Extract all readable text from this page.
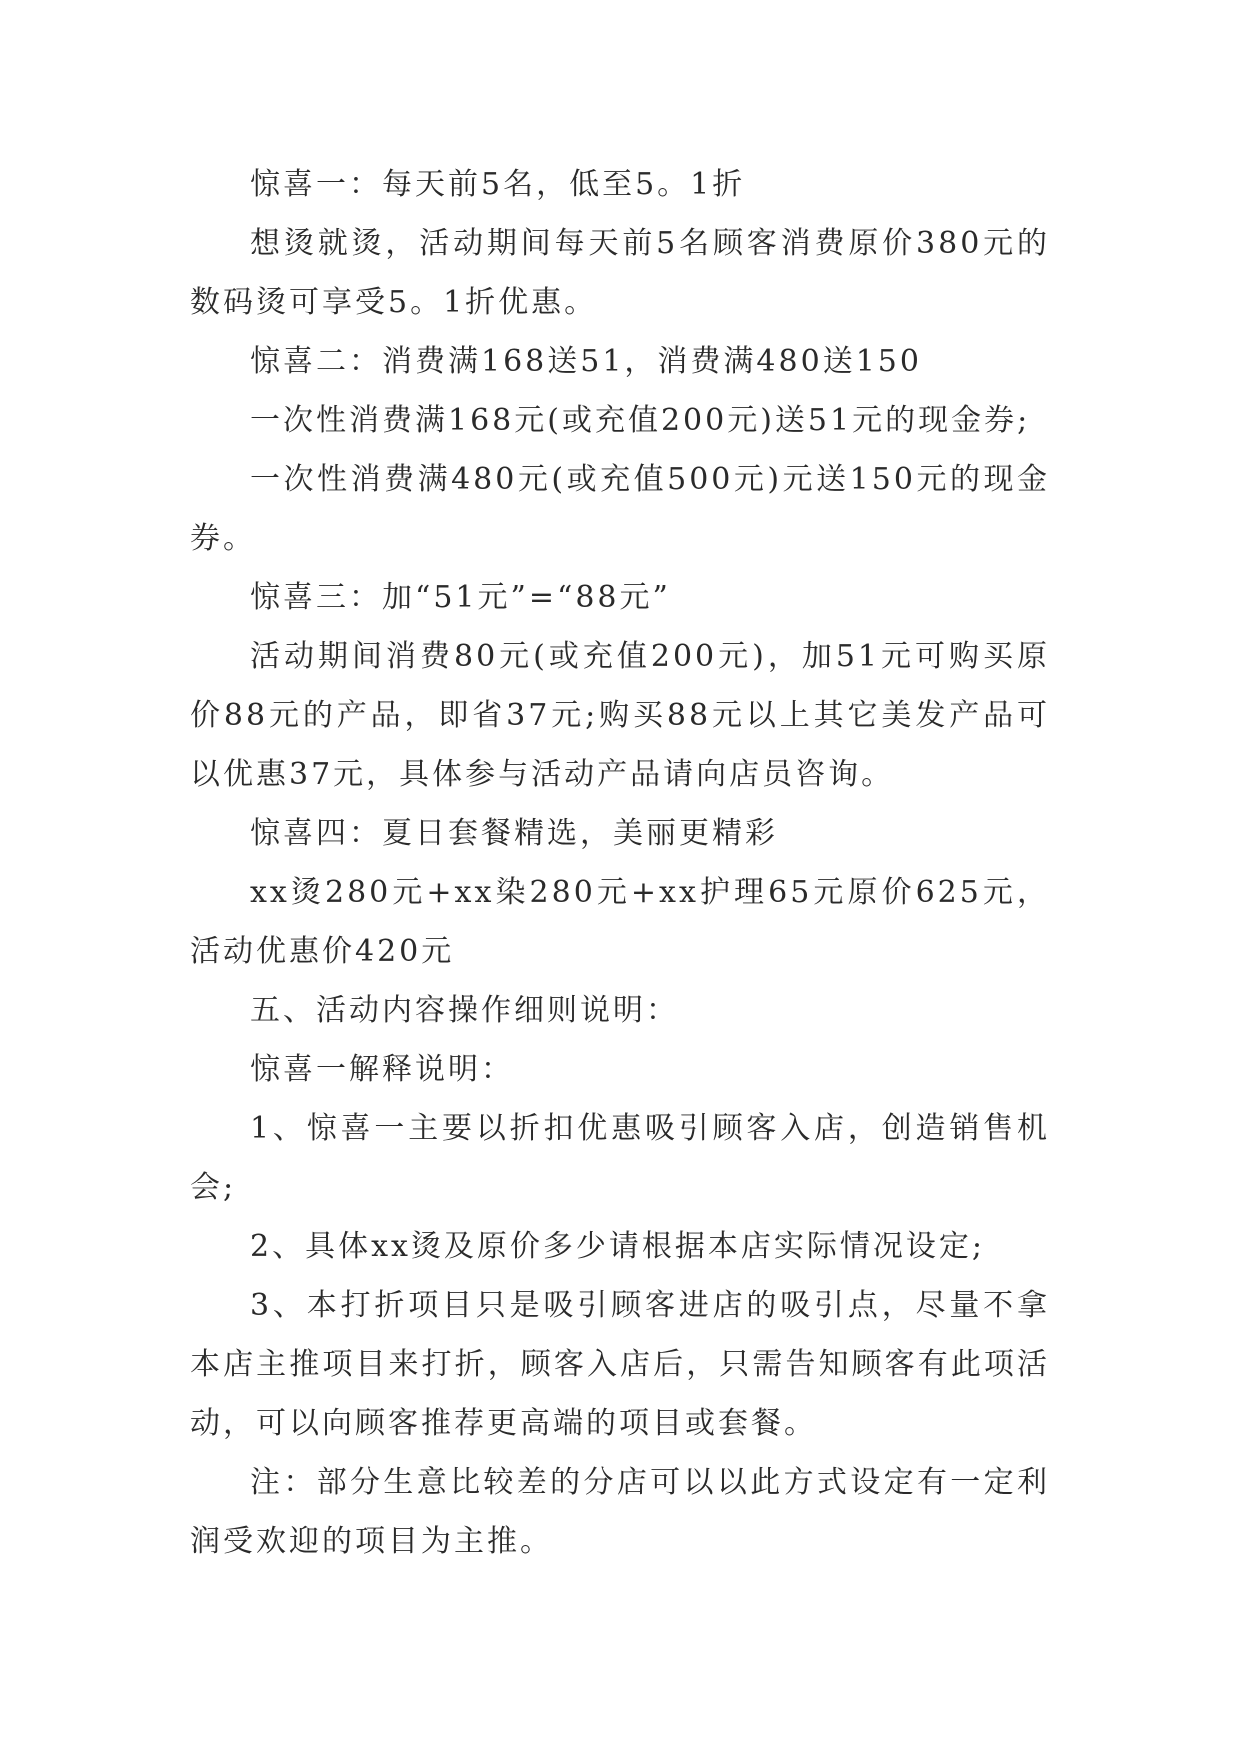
惊喜一：每天前5名，低至5。1折

想烫就烫，活动期间每天前5名顾客消费原价380元的数码烫可享受5。1折优惠。

惊喜二：消费满168送51，消费满480送150

一次性消费满168元(或充值200元)送51元的现金券;

一次性消费满480元(或充值500元)元送150元的现金券。

惊喜三：加“51元”=“88元”

活动期间消费80元(或充值200元)，加51元可购买原价88元的产品，即省37元;购买88元以上其它美发产品可以优惠37元，具体参与活动产品请向店员咨询。

惊喜四：夏日套餐精选，美丽更精彩

xx烫280元+xx染280元+xx护理65元原价625元，活动优惠价420元

五、活动内容操作细则说明：

惊喜一解释说明：

1、惊喜一主要以折扣优惠吸引顾客入店，创造销售机会;

2、具体xx烫及原价多少请根据本店实际情况设定;

3、本打折项目只是吸引顾客进店的吸引点，尽量不拿本店主推项目来打折，顾客入店后，只需告知顾客有此项活动，可以向顾客推荐更高端的项目或套餐。

注：部分生意比较差的分店可以以此方式设定有一定利润受欢迎的项目为主推。
